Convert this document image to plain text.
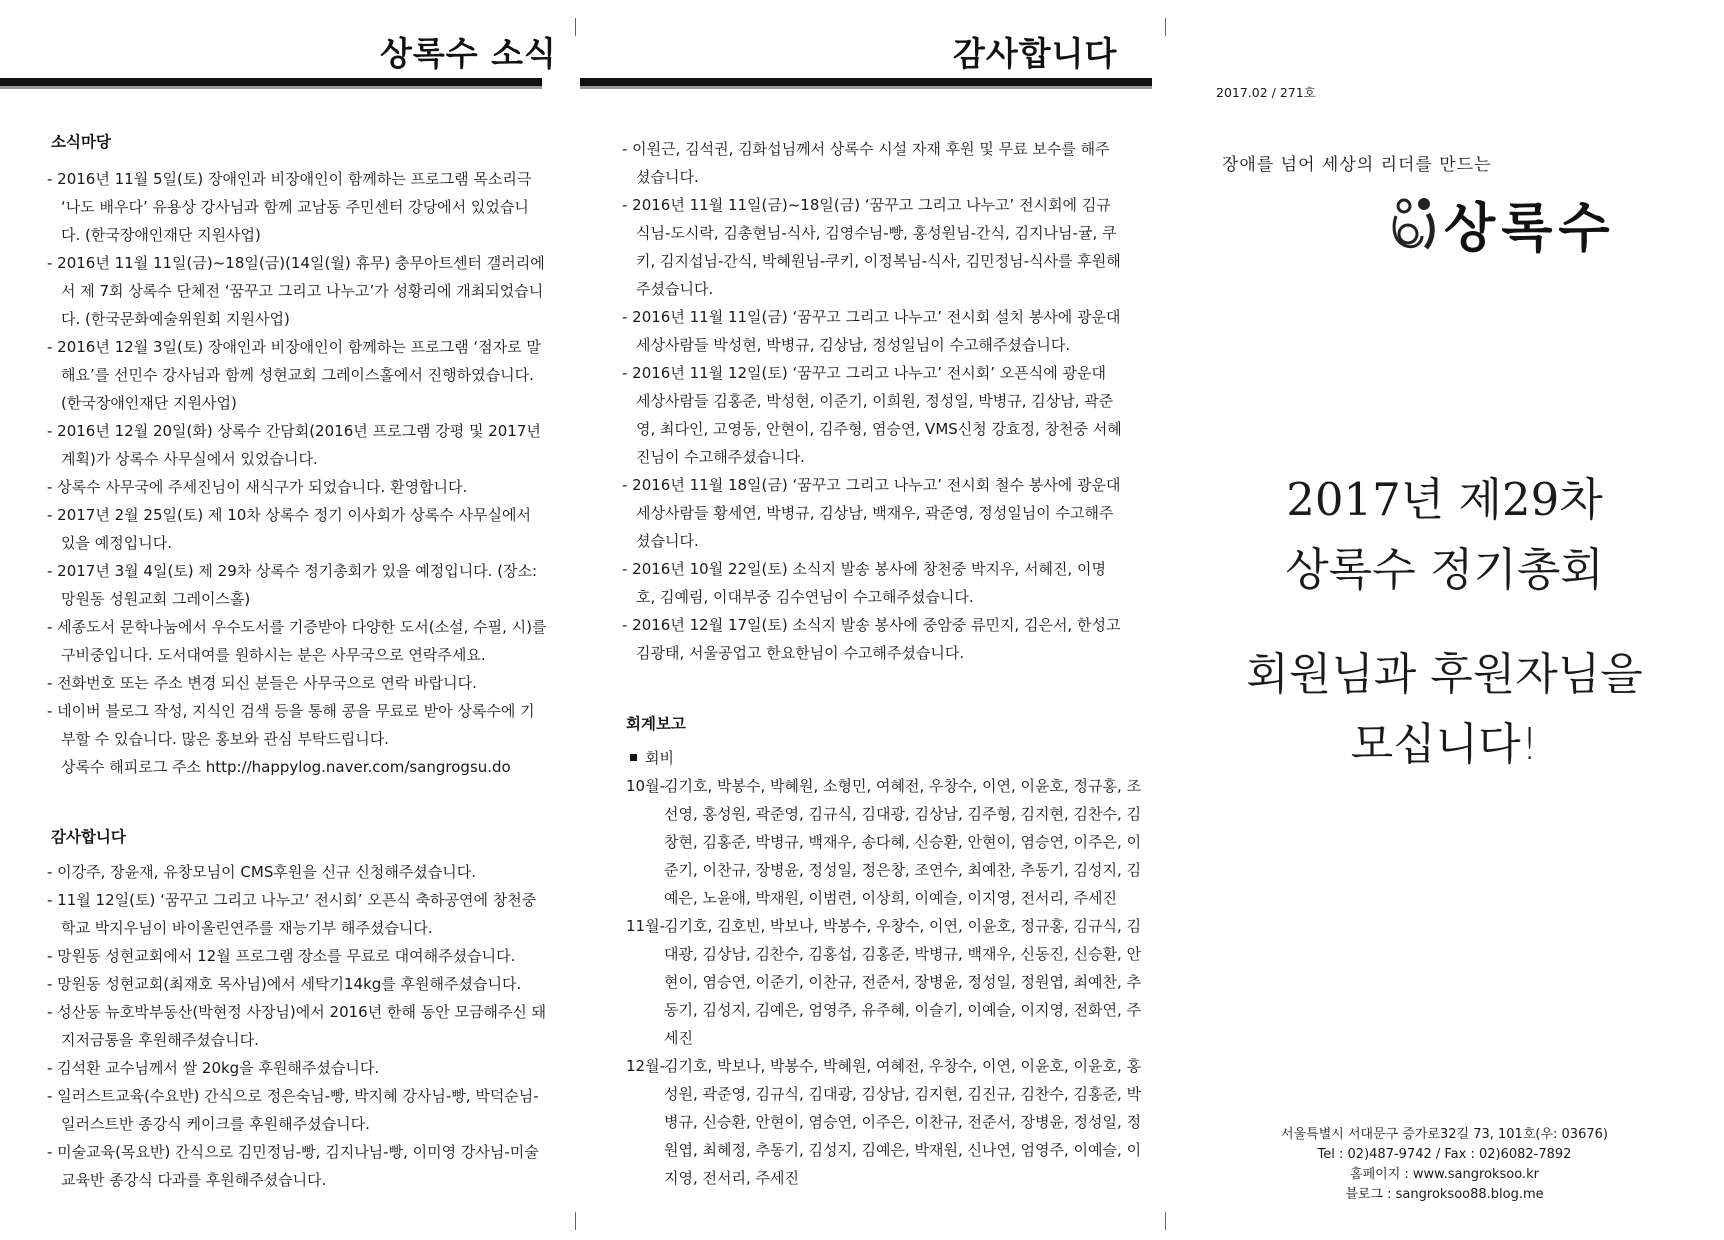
상록수 소식
소식마당
- 2016년 11월 5일(토) 장애인과 비장애인이 함께하는 프로그램 목소리극 ‘나도 배우다’ 유용상 강사님과 함께 교남동 주민센터 강당에서 있었습니다. (한국장애인재단 지원사업)
- 2016년 11월 11일(금)~18일(금)(14일(월) 휴무) 충무아트센터 갤러리에서 제 7회 상록수 단체전 ‘꿈꾸고 그리고 나누고’가 성황리에 개최되었습니다. (한국문화예술위원회 지원사업)
- 2016년 12월 3일(토) 장애인과 비장애인이 함께하는 프로그램 ‘점자로 말해요’를 선민수 강사님과 함께 성현교회 그레이스홀에서 진행하였습니다. (한국장애인재단 지원사업)
- 2016년 12월 20일(화) 상록수 간담회(2016년 프로그램 강평 및 2017년 계획)가 상록수 사무실에서 있었습니다.
- 상록수 사무국에 주세진님이 새식구가 되었습니다. 환영합니다.
- 2017년 2월 25일(토) 제 10차 상록수 정기 이사회가 상록수 사무실에서 있을 예정입니다.
- 2017년 3월 4일(토) 제 29차 상록수 정기총회가 있을 예정입니다. (장소: 망원동 성원교회 그레이스홀)
- 세종도서 문학나눔에서 우수도서를 기증받아 다양한 도서(소설, 수필, 시)를 구비중입니다. 도서대여를 원하시는 분은 사무국으로 연락주세요.
- 전화번호 또는 주소 변경 되신 분들은 사무국으로 연락 바랍니다.
- 네이버 블로그 작성, 지식인 검색 등을 통해 콩을 무료로 받아 상록수에 기부할 수 있습니다. 많은 홍보와 관심 부탁드립니다.
상록수 해피로그 주소 http://happylog.naver.com/sangrogsu.do
감사합니다
- 이강주, 장윤재, 유창모님이 CMS후원을 신규 신청해주셨습니다.
- 11월 12일(토) ‘꿈꾸고 그리고 나누고’ 전시회’ 오픈식 축하공연에 창천중학교 박지우님이 바이올린연주를 재능기부 해주셨습니다.
- 망원동 성현교회에서 12월 프로그램 장소를 무료로 대여해주셨습니다.
- 망원동 성현교회(최재호 목사님)에서 세탁기14kg를 후원해주셨습니다.
- 성산동 뉴호박부동산(박현정 사장님)에서 2016년 한해 동안 모금해주신 돼지저금통을 후원해주셨습니다.
- 김석환 교수님께서 쌀 20kg을 후원해주셨습니다.
- 일러스트교육(수요반) 간식으로 정은숙님-빵, 박지혜 강사님-빵, 박덕순님-일러스트반 종강식 케이크를 후원해주셨습니다.
- 미술교육(목요반) 간식으로 김민정님-빵, 김지나님-빵, 이미영 강사님-미술교육반 종강식 다과를 후원해주셨습니다.
감사합니다
- 이원근, 김석권, 김화섭님께서 상록수 시설 자재 후원 및 무료 보수를 해주셨습니다.
- 2016년 11월 11일(금)~18일(금) ‘꿈꾸고 그리고 나누고’ 전시회에 김규식님-도시락, 김총현님-식사, 김영수님-빵, 홍성원님-간식, 김지나님-귤, 쿠키, 김지섭님-간식, 박혜원님-쿠키, 이정복님-식사, 김민정님-식사를 후원해주셨습니다.
- 2016년 11월 11일(금) ‘꿈꾸고 그리고 나누고’ 전시회 설치 봉사에 광운대 세상사람들 박성현, 박병규, 김상남, 정성일님이 수고해주셨습니다.
- 2016년 11월 12일(토) ‘꿈꾸고 그리고 나누고’ 전시회’ 오픈식에 광운대 세상사람들 김홍준, 박성현, 이준기, 이희원, 정성일, 박병규, 김상남, 곽준영, 최다인, 고영동, 안현이, 김주형, 염승연, VMS신청 강효정, 창천중 서혜진님이 수고해주셨습니다.
- 2016년 11월 18일(금) ‘꿈꾸고 그리고 나누고’ 전시회 철수 봉사에 광운대 세상사람들 황세연, 박병규, 김상남, 백재우, 곽준영, 정성일님이 수고해주셨습니다.
- 2016년 10월 22일(토) 소식지 발송 봉사에 창천중 박지우, 서혜진, 이명호, 김예림, 이대부중 김수연님이 수고해주셨습니다.
- 2016년 12월 17일(토) 소식지 발송 봉사에 중암중 류민지, 김은서, 한성고 김광태, 서울공업고 한요한님이 수고해주셨습니다.
회계보고
회비
10월- 김기호, 박봉수, 박혜원, 소형민, 여혜전, 우창수, 이연, 이윤호, 정규홍, 조선영, 홍성원, 곽준영, 김규식, 김대광, 김상남, 김주형, 김지현, 김찬수, 김창현, 김홍준, 박병규, 백재우, 송다혜, 신승환, 안현이, 염승연, 이주은, 이준기, 이찬규, 장병윤, 정성일, 정은창, 조연수, 최예찬, 추동기, 김성지, 김예은, 노윤애, 박재원, 이범련, 이상희, 이예슬, 이지영, 전서리, 주세진
11월- 김기호, 김호빈, 박보나, 박봉수, 우창수, 이연, 이윤호, 정규홍, 김규식, 김대광, 김상남, 김찬수, 김홍섭, 김홍준, 박병규, 백재우, 신동진, 신승환, 안현이, 염승연, 이준기, 이찬규, 전준서, 장병윤, 정성일, 정원엽, 최예찬, 추동기, 김성지, 김예은, 엄영주, 유주혜, 이슬기, 이예슬, 이지영, 전화연, 주세진
12월- 김기호, 박보나, 박봉수, 박혜원, 여혜전, 우창수, 이연, 이윤호, 이윤호, 홍성원, 곽준영, 김규식, 김대광, 김상남, 김지현, 김진규, 김찬수, 김홍준, 박병규, 신승환, 안현이, 염승연, 이주은, 이찬규, 전준서, 장병윤, 정성일, 정원엽, 최혜정, 추동기, 김성지, 김예은, 박재원, 신나연, 엄영주, 이예슬, 이지영, 전서리, 주세진
2017.02 / 271호
장애를 넘어 세상의 리더를 만드는
상록수
2017년 제29차
상록수 정기총회
회원님과 후원자님을
모십니다!
서울특별시 서대문구 증가로32길 73, 101호(우: 03676)
Tel : 02)487-9742 / Fax : 02)6082-7892
홈페이지 : www.sangroksoo.kr
블로그 : sangroksoo88.blog.me
